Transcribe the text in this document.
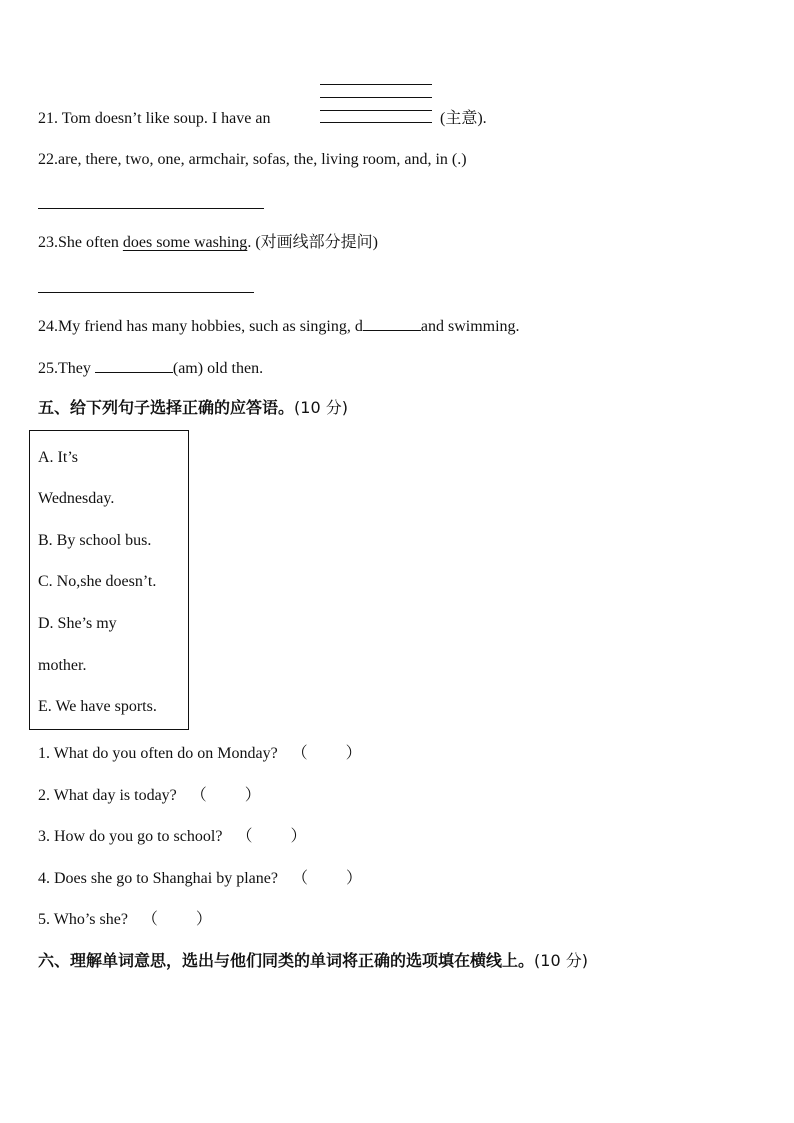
21. Tom doesn’t like soup. I have an	(主意).
22.are, there, two, one, armchair, sofas, the, living room, and, in (.)
23.She often does some washing. (对画线部分提问)
24.My friend has many hobbies, such as singing, d	and swimming.
25.They	(am) old then.
五、给下列句子选择正确的应答语。(10 分)
A. It’s
Wednesday.
B. By school bus.
C. No,she doesn’t.
D. She’s my
mother.
E. We have sports.
1. What do you often do on Monday? （ ）
2. What day is today? （ ）
3. How do you go to school? （ ）
4. Does she go to Shanghai by plane? （ ）
5. Who’s she? （ ）
六、理解单词意思，选出与他们同类的单词将正确的选项填在横线上。(10 分)
